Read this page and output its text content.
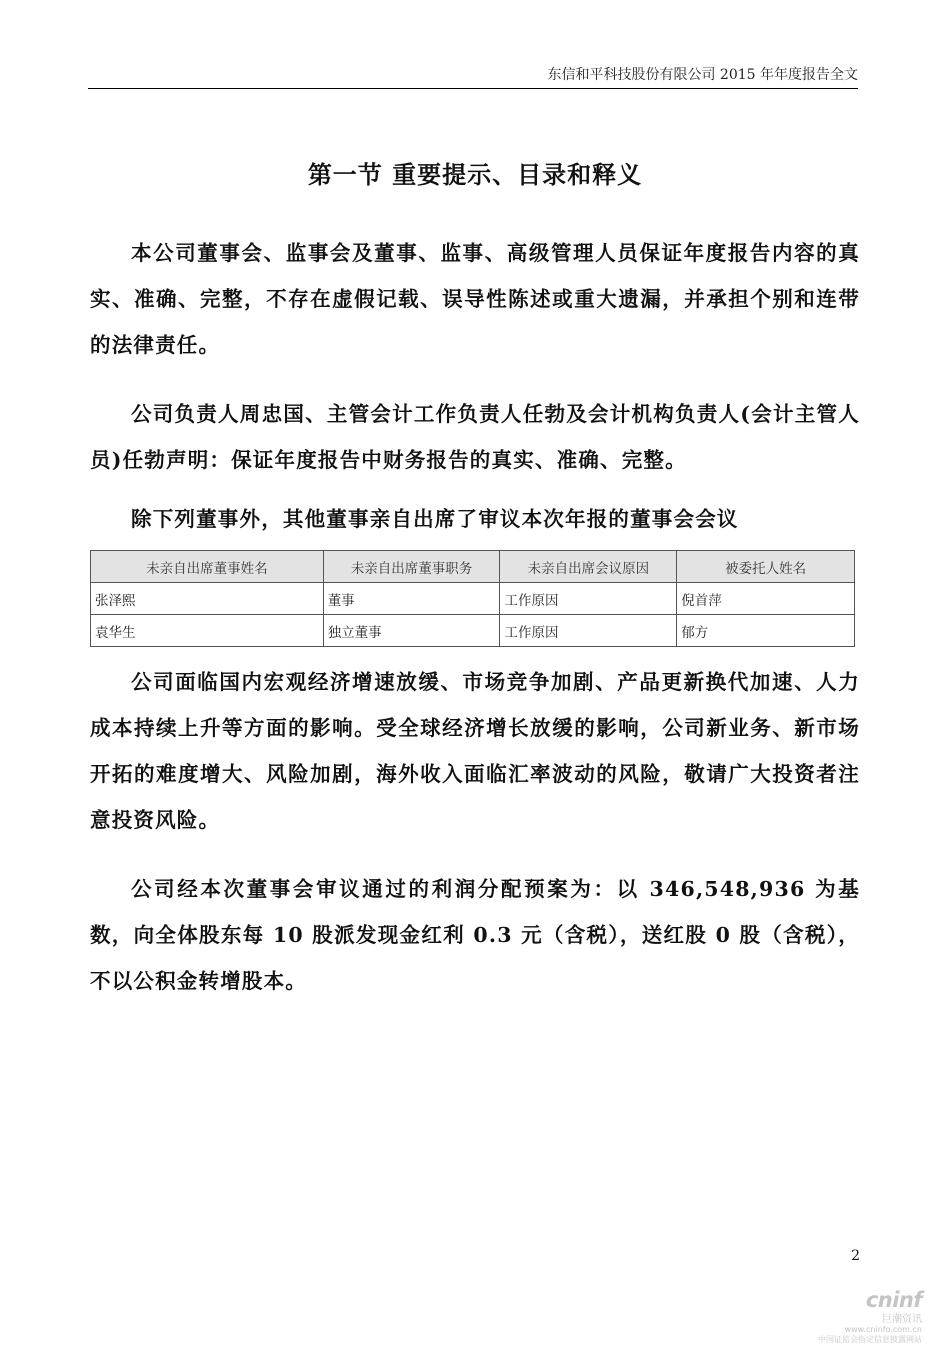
东信和平科技股份有限公司 2015 年年度报告全文
第一节 重要提示、目录和释义

本公司董事会、监事会及董事、监事、高级管理人员保证年度报告内容的真实、准确、完整，不存在虚假记载、误导性陈述或重大遗漏，并承担个别和连带的法律责任。

公司负责人周忠国、主管会计工作负责人任勃及会计机构负责人(会计主管人员)任勃声明：保证年度报告中财务报告的真实、准确、完整。

除下列董事外，其他董事亲自出席了审议本次年报的董事会会议

未亲自出席董事姓名	未亲自出席董事职务	未亲自出席会议原因	被委托人姓名
张泽熙	董事	工作原因	倪首萍
袁华生	独立董事	工作原因	郁方

公司面临国内宏观经济增速放缓、市场竞争加剧、产品更新换代加速、人力成本持续上升等方面的影响。受全球经济增长放缓的影响，公司新业务、新市场开拓的难度增大、风险加剧，海外收入面临汇率波动的风险，敬请广大投资者注意投资风险。

公司经本次董事会审议通过的利润分配预案为：以 346,548,936 为基数，向全体股东每 10 股派发现金红利 0.3 元（含税），送红股 0 股（含税），不以公积金转增股本。

2
cninf
巨潮资讯
www.cninfo.com.cn
中国证监会指定信息披露网站
